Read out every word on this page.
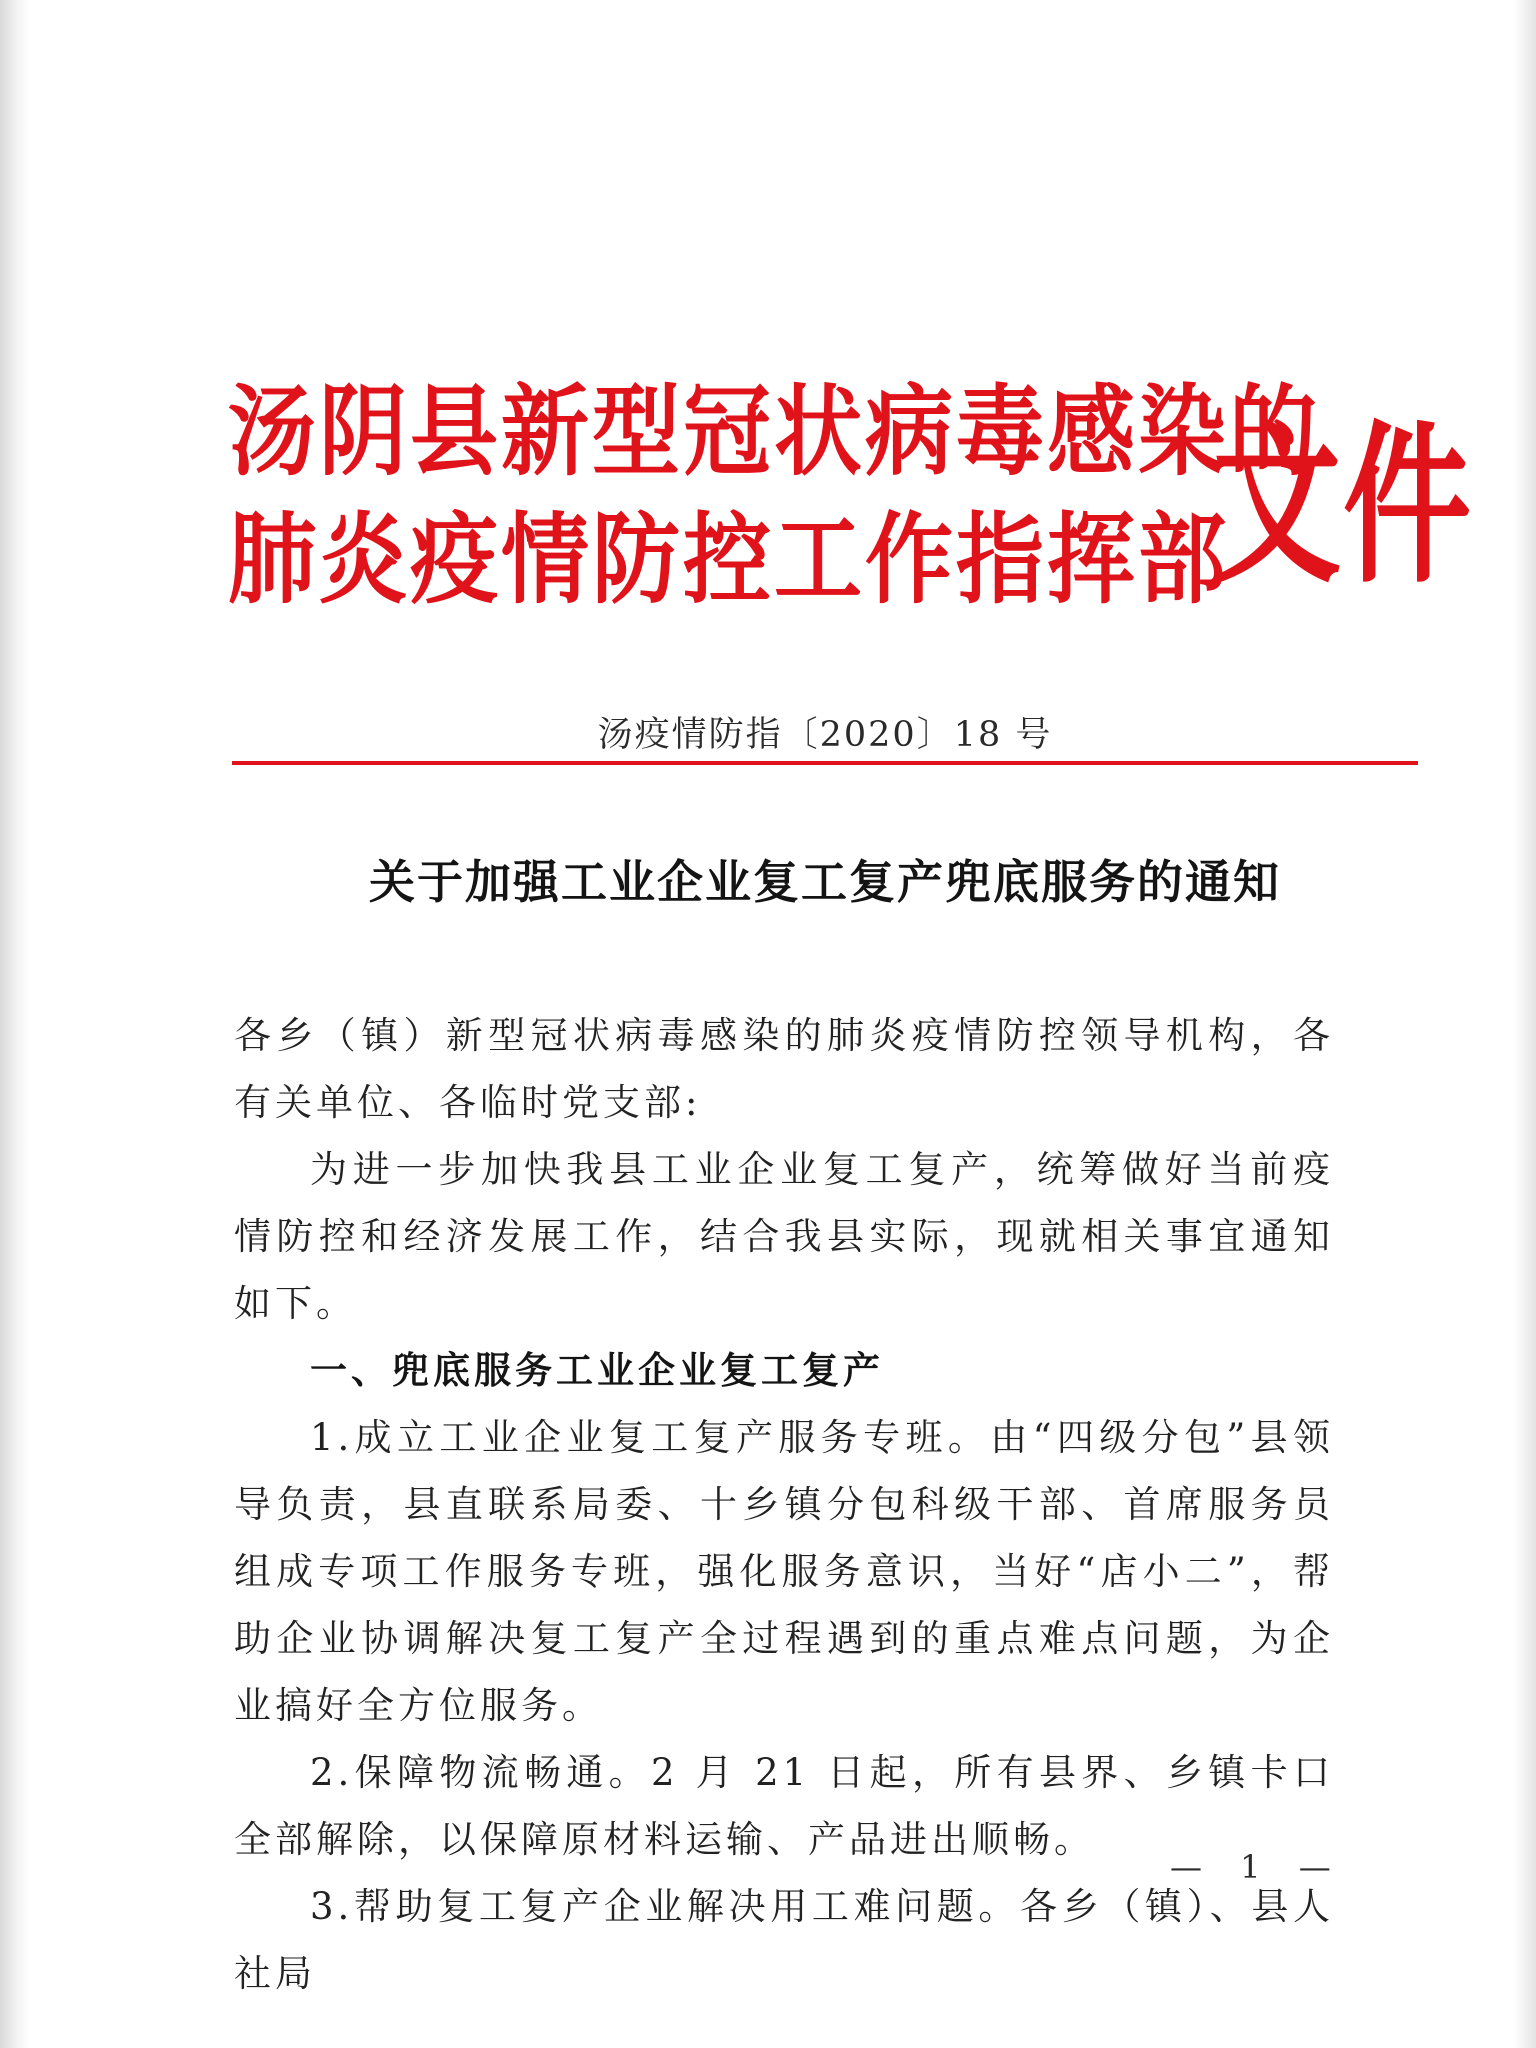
汤阴县新型冠状病毒感染的
肺炎疫情防控工作指挥部
文件
汤疫情防指〔2020〕18 号
关于加强工业企业复工复产兜底服务的通知

各乡（镇）新型冠状病毒感染的肺炎疫情防控领导机构，各有关单位、各临时党支部:

为进一步加快我县工业企业复工复产，统筹做好当前疫情防控和经济发展工作，结合我县实际，现就相关事宜通知如下。

一、兜底服务工业企业复工复产

1.成立工业企业复工复产服务专班。由“四级分包”县领导负责，县直联系局委、十乡镇分包科级干部、首席服务员组成专项工作服务专班，强化服务意识，当好“店小二”，帮助企业协调解决复工复产全过程遇到的重点难点问题，为企业搞好全方位服务。

2.保障物流畅通。2 月 21 日起，所有县界、乡镇卡口全部解除，以保障原材料运输、产品进出顺畅。

3.帮助复工复产企业解决用工难问题。各乡（镇）、县人社局

— 1 —
